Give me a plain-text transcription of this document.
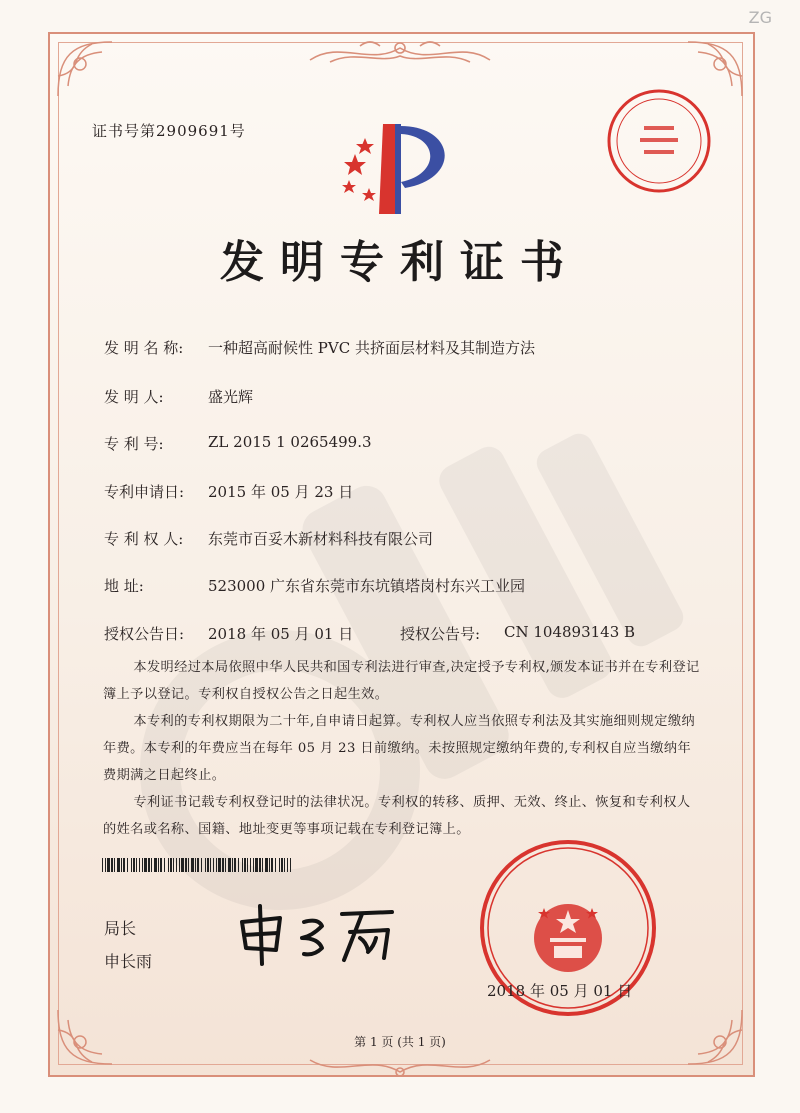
ZG
证书号第2909691号
发明专利证书
发 明 名 称: 一种超高耐候性 PVC 共挤面层材料及其制造方法
发 明 人:	盛光辉
专 利 号:	ZL 2015 1 0265499.3
专利申请日: 2015 年 05 月 23 日
专 利 权 人: 东莞市百妥木新材料科技有限公司
地 址:	523000 广东省东莞市东坑镇塔岗村东兴工业园
授权公告日: 2018 年 05 月 01 日	授权公告号: CN 104893143 B

本发明经过本局依照中华人民共和国专利法进行审查,决定授予专利权,颁发本证书并在专利登记簿上予以登记。专利权自授权公告之日起生效。

本专利的专利权期限为二十年,自申请日起算。专利权人应当依照专利法及其实施细则规定缴纳年费。本专利的年费应当在每年 05 月 23 日前缴纳。未按照规定缴纳年费的,专利权自应当缴纳年费期满之日起终止。

专利证书记载专利权登记时的法律状况。专利权的转移、质押、无效、终止、恢复和专利权人的姓名或名称、国籍、地址变更等事项记载在专利登记簿上。

局长
申长雨
2018 年 05 月 01 日
第 1 页 (共 1 页)
